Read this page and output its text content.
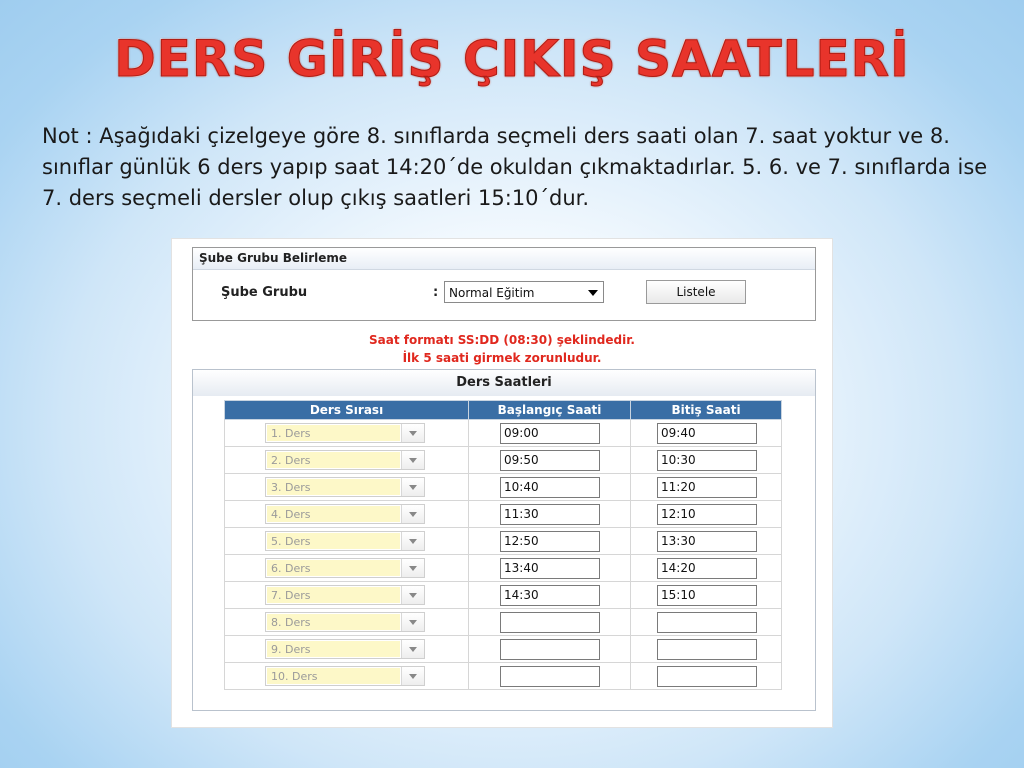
DERS GİRİŞ ÇIKIŞ SAATLERİ
Not : Aşağıdaki çizelgeye göre 8. sınıflarda seçmeli ders saati olan 7. saat yoktur ve 8. sınıflar günlük 6 ders yapıp saat 14:20´de okuldan çıkmaktadırlar. 5. 6. ve 7. sınıflarda ise 7. ders seçmeli dersler olup çıkış saatleri 15:10´dur.
Şube Grubu Belirleme
Şube Grubu	: Normal Eğitim	Listele
Saat formatı SS:DD (08:30) şeklindedir.
İlk 5 saati girmek zorunludur.
Ders Saatleri
Ders Sırası	Başlangıç Saati	Bitiş Saati

1. Ders	09:00	09:40

2. Ders	09:50	10:30

3. Ders	10:40	11:20

4. Ders	11:30	12:10

5. Ders	12:50	13:30

6. Ders	13:40	14:20

7. Ders	14:30	15:10

8. Ders		

9. Ders		

10. Ders		
